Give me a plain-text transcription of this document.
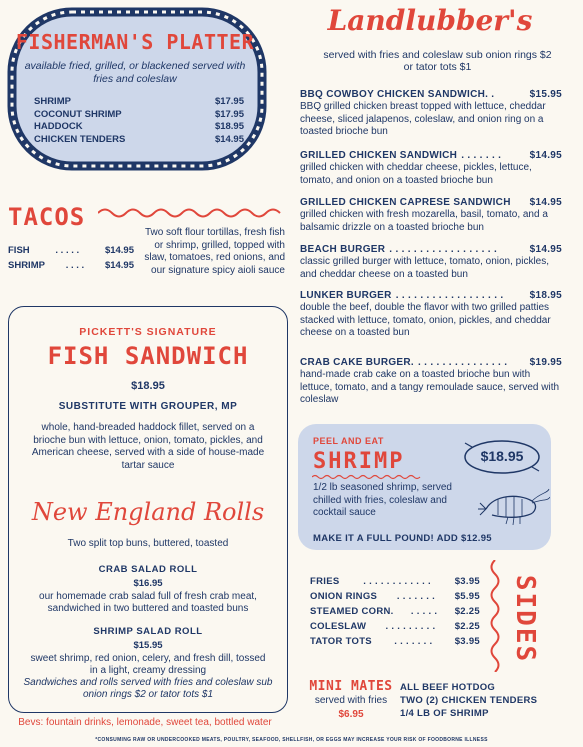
FISHERMAN'S PLATTER
available fried, grilled, or blackened served with fries and coleslaw
SHRIMP	$17.95
COCONUT SHRIMP	$17.95
HADDOCK	$18.95
CHICKEN TENDERS	$14.95
Landlubber's
served with fries and coleslaw sub onion rings $2 or tator tots $1
BBQ COWBOY CHICKEN SANDWICH . .	$15.95
BBQ grilled chicken breast topped with lettuce, cheddar cheese, sliced jalapenos, coleslaw, and onion ring on a toasted brioche bun
GRILLED CHICKEN SANDWICH . . . . . . .	$14.95
grilled chicken with cheddar cheese, pickles, lettuce, tomato, and onion on a toasted brioche bun
GRILLED CHICKEN CAPRESE SANDWICH $14.95
grilled chicken with fresh mozarella, basil, tomato, and a balsamic drizzle on a toasted brioche bun
BEACH BURGER . . . . . . . . . . . . . . . . . .	$14.95
classic grilled burger with lettuce, tomato, onion, pickles, and cheddar cheese on a toasted bun
LUNKER BURGER . . . . . . . . . . . . . . . . . .	$18.95
double the beef, double the flavor with two grilled patties stacked with lettuce, tomato, onion, pickles, and cheddar cheese on a toasted bun
CRAB CAKE BURGER. . . . . . . . . . . . . . . .	$19.95
hand-made crab cake on a toasted brioche bun with lettuce, tomato, and a tangy remoulade sauce, served with coleslaw
TACOS
FISH	. . . . .	$14.95
SHRIMP . . . . $14.95
Two soft flour tortillas, fresh fish or shrimp, grilled, topped with slaw, tomatoes, red onions, and our signature spicy aioli sauce
PICKETT'S SIGNATURE
FISH SANDWICH
$18.95
SUBSTITUTE WITH GROUPER, MP
whole, hand-breaded haddock fillet, served on a brioche bun with lettuce, onion, tomato, pickles, and American cheese, served with a side of house-made tartar sauce
New England Rolls
Two split top buns, buttered, toasted
CRAB SALAD ROLL
$16.95
our homemade crab salad full of fresh crab meat, sandwiched in two buttered and toasted buns
SHRIMP SALAD ROLL
$15.95
sweet shrimp, red onion, celery, and fresh dill, tossed in a light, creamy dressing
Sandwiches and rolls served with fries and coleslaw sub onion rings $2 or tator tots $1
Bevs: fountain drinks, lemonade, sweet tea, bottled water
*CONSUMING RAW OR UNDERCOOKED MEATS, POULTRY, SEAFOOD, SHELLFISH, OR EGGS MAY INCREASE YOUR RISK OF FOODBORNE ILLNESS
PEEL AND EAT
SHRIMP	$18.95
1/2 lb seasoned shrimp, served chilled with fries, coleslaw and cocktail sauce
MAKE IT A FULL POUND! ADD $12.95
FRIES	. . . . . . . . . . . .	$3.95
ONION RINGS . . . . . . . $5.95
STEAMED CORN. . . . . . $2.25
COLESLAW . . . . . . . . . $2.25
TATOR TOTS . . . . . . . $3.95 SIDES
MINI MATES
served with fries
$6.95
ALL BEEF HOTDOG
TWO (2) CHICKEN TENDERS
1/4 LB OF SHRIMP
